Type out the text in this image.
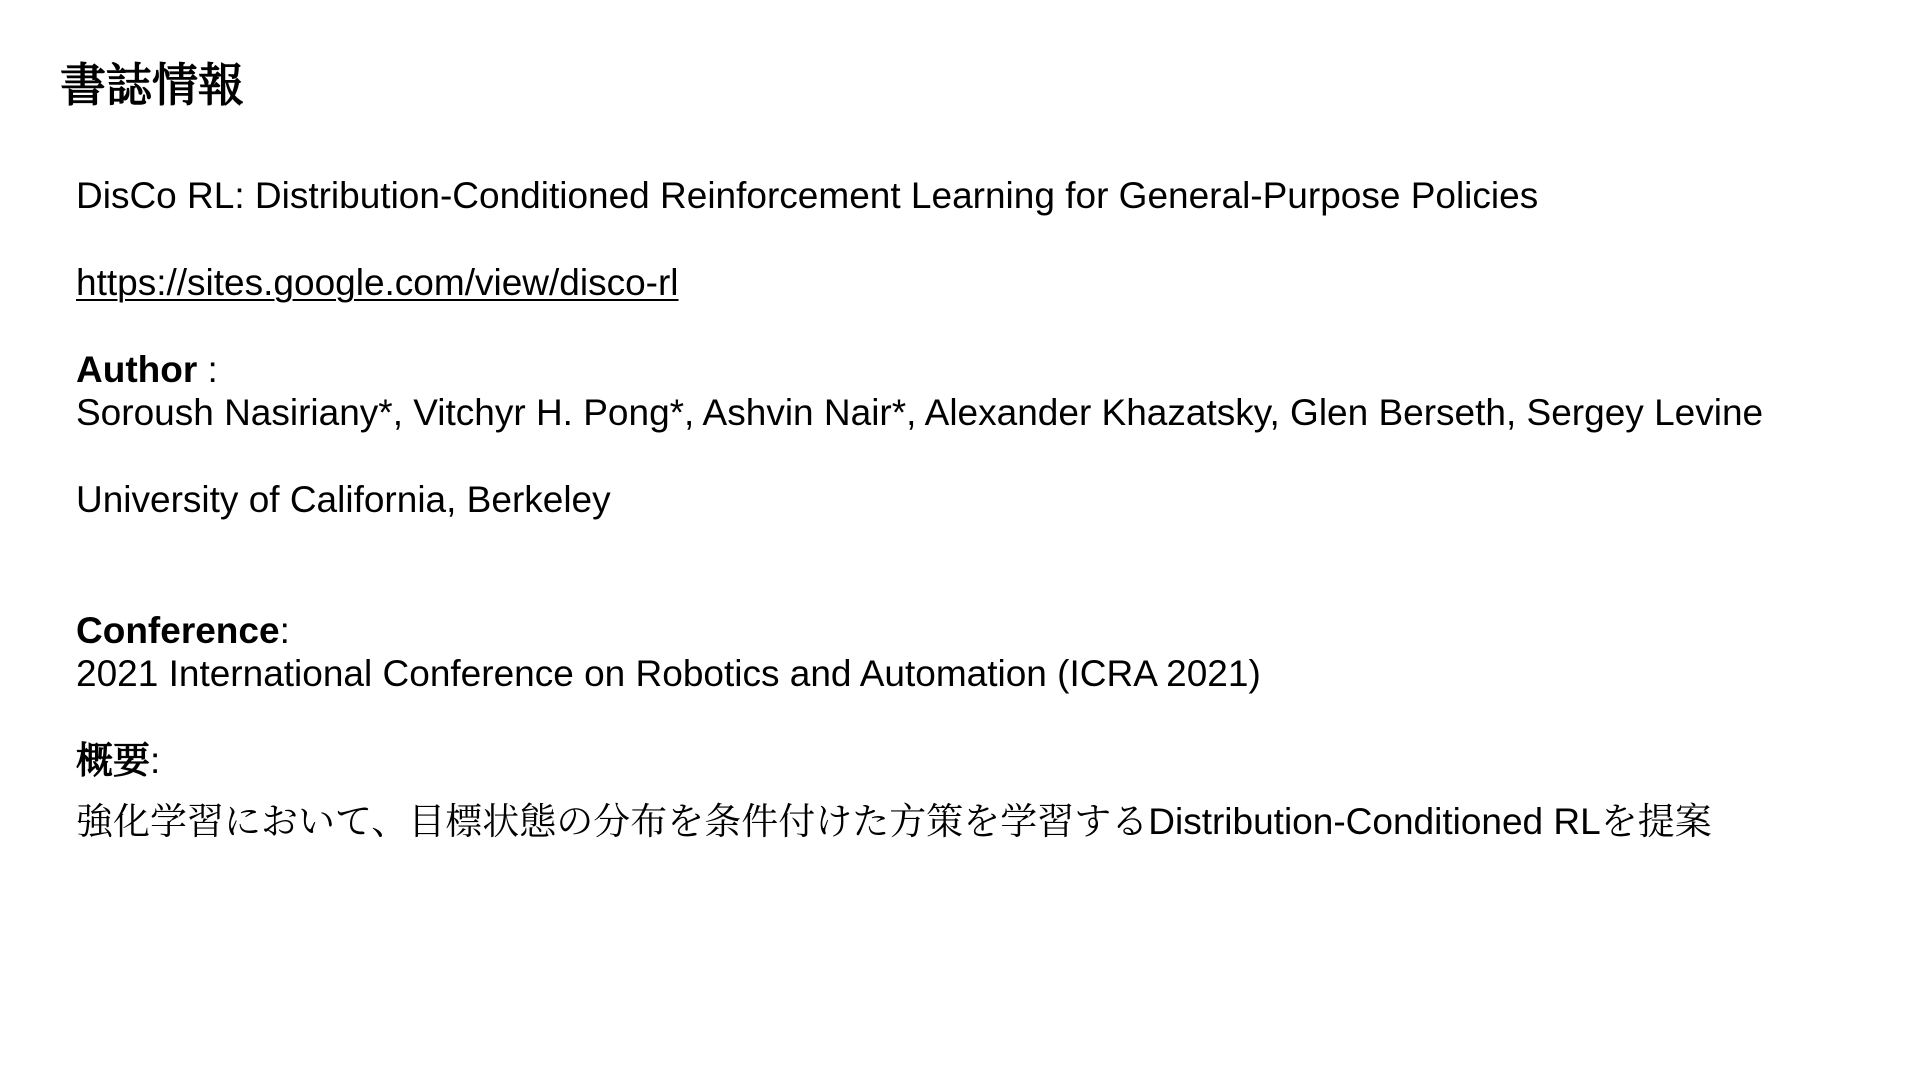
書誌情報
DisCo RL: Distribution-Conditioned Reinforcement Learning for General-Purpose Policies
https://sites.google.com/view/disco-rl
Author :
Soroush Nasiriany*, Vitchyr H. Pong*, Ashvin Nair*, Alexander Khazatsky, Glen Berseth, Sergey Levine
University of California, Berkeley
Conference:
2021 International Conference on Robotics and Automation (ICRA 2021)
概要:
強化学習において、目標状態の分布を条件付けた方策を学習するDistribution-Conditioned RLを提案
